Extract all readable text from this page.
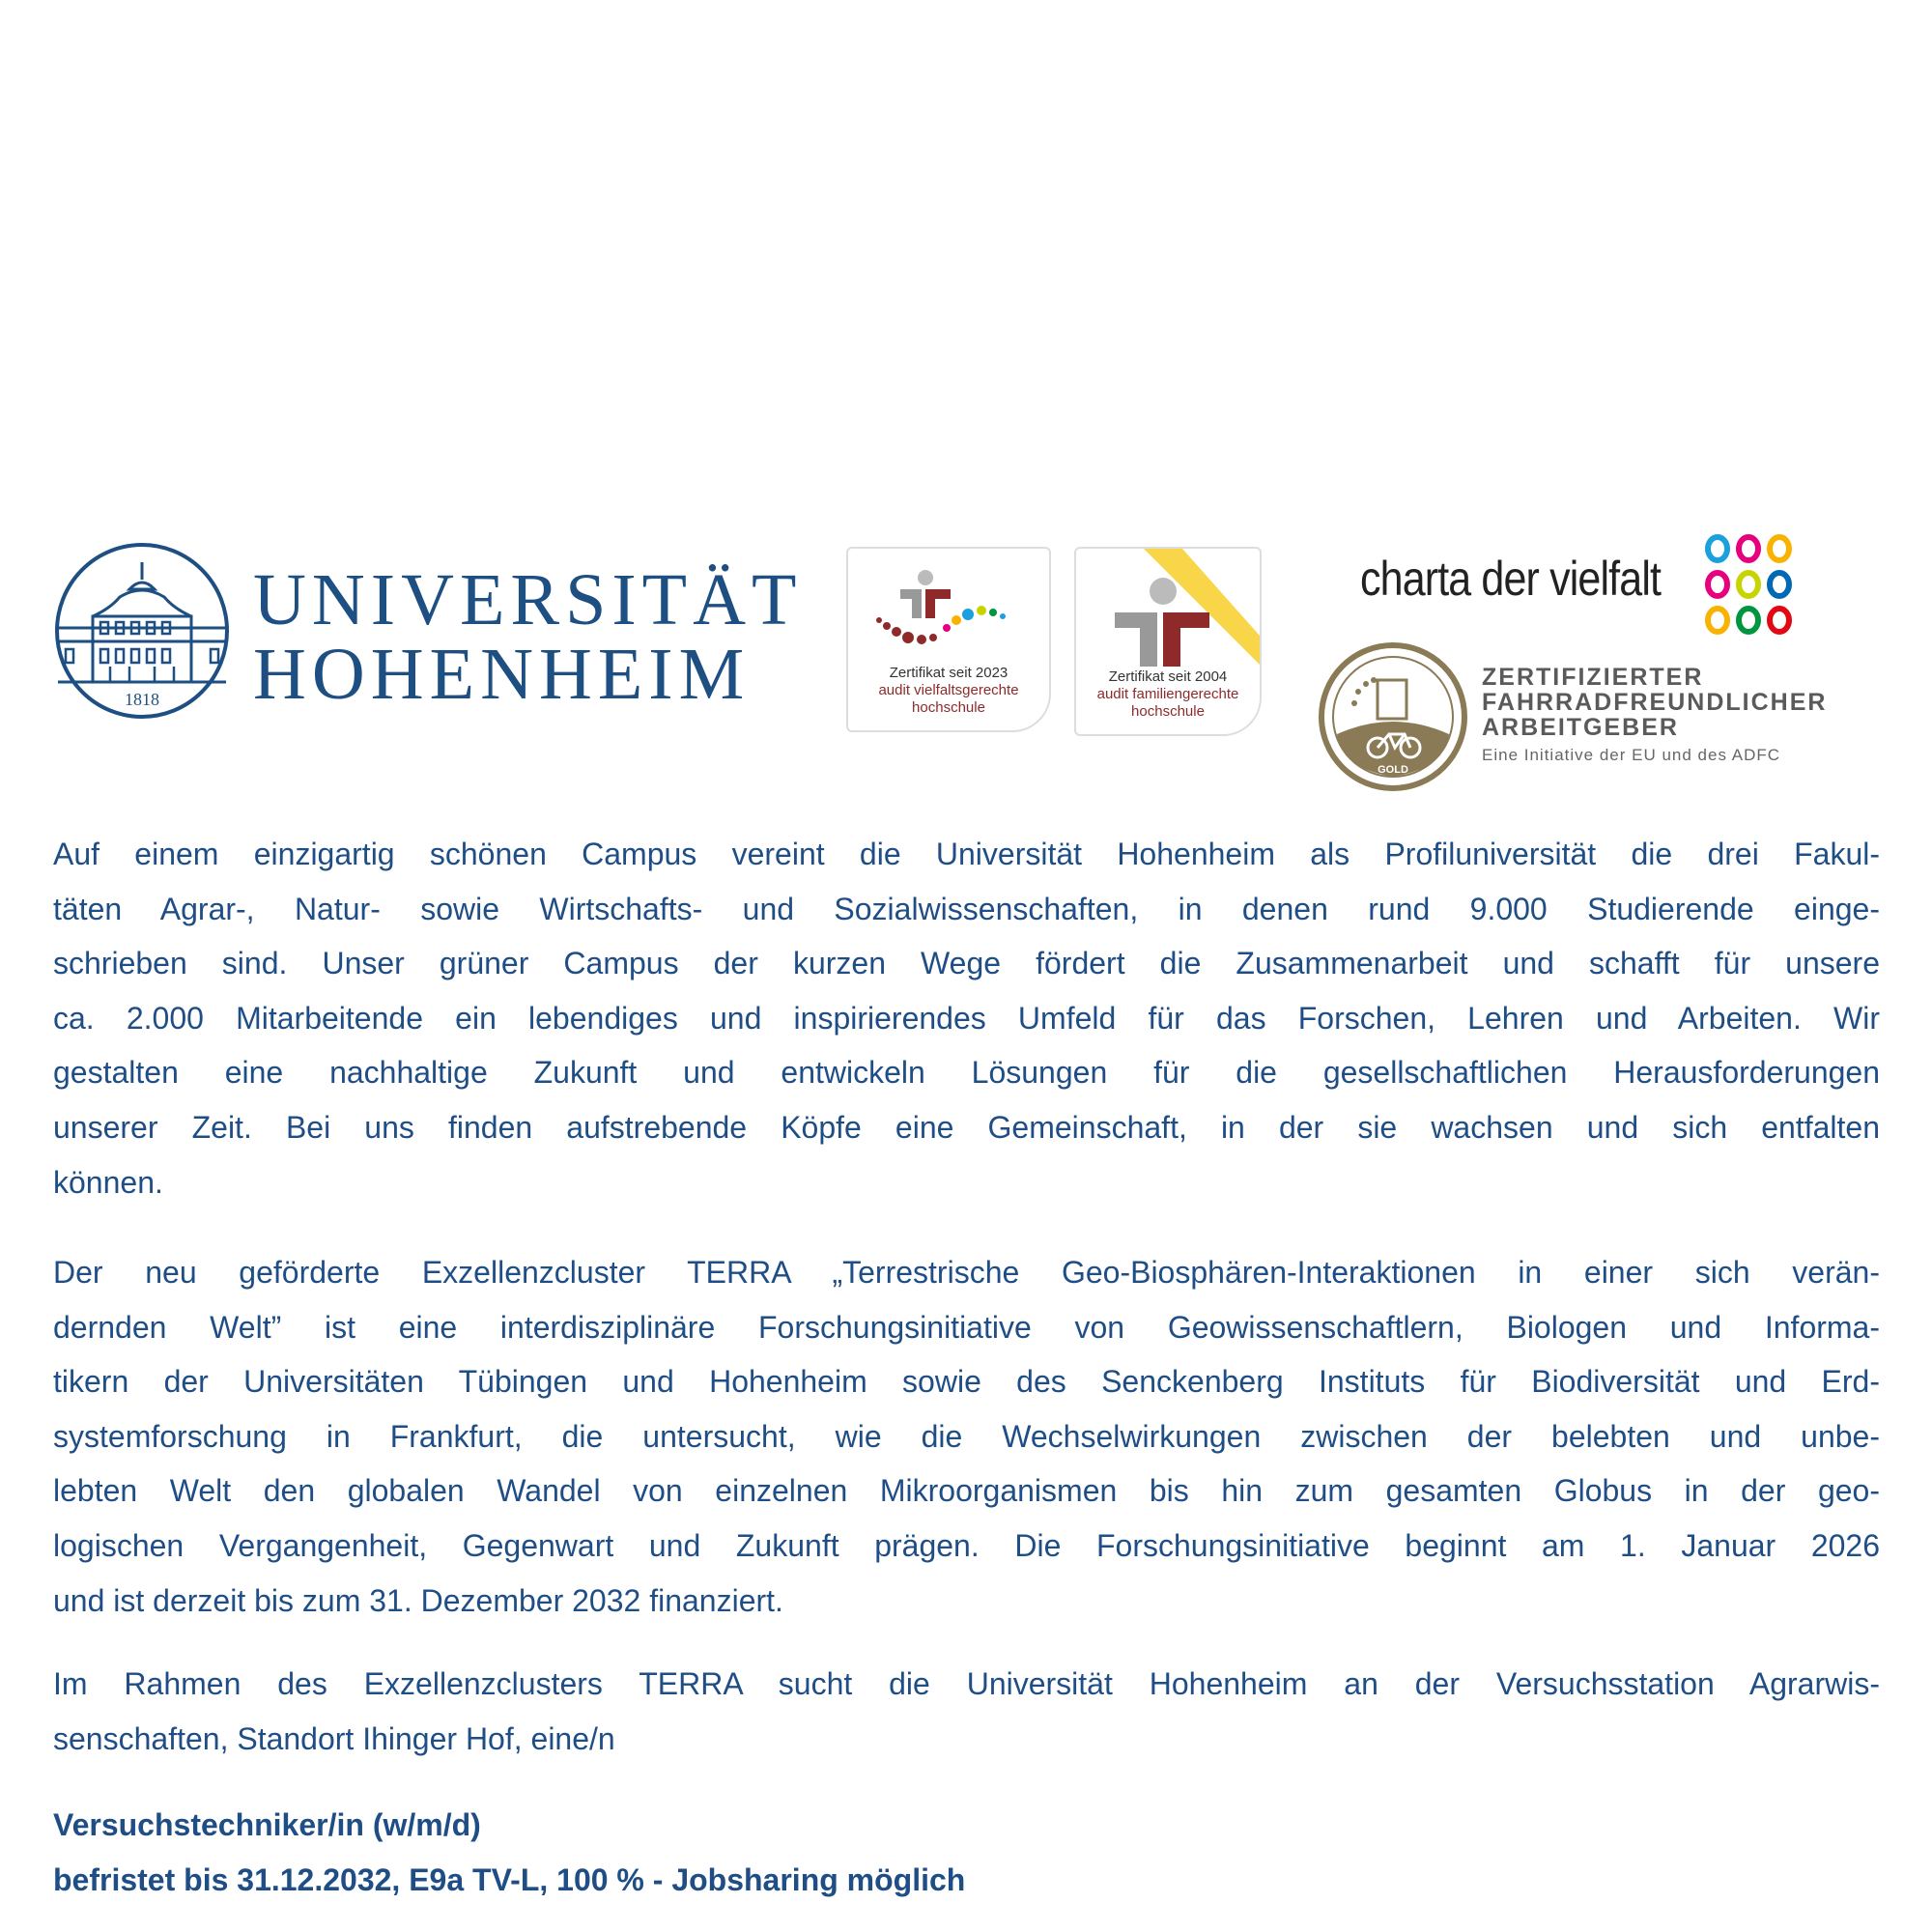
1818
UNIVERSITÄT
HOHENHEIM	Zertifikat seit 2023
audit vielfaltsgerechte
hochschule
Zertifikat seit 2004
audit familiengerechte
hochschule
charta der vielfalt
GOLD
ZERTIFIZIERTER
FAHRRADFREUNDLICHER
ARBEITGEBER
Eine Initiative der EU und des ADFC
Auf einem einzigartig schönen Campus vereint die Universität Hohenheim als Profiluniversität die drei Fakul-
täten Agrar-, Natur- sowie Wirtschafts- und Sozialwissenschaften, in denen rund 9.000 Studierende einge-
schrieben sind. Unser grüner Campus der kurzen Wege fördert die Zusammenarbeit und schafft für unsere
ca. 2.000 Mitarbeitende ein lebendiges und inspirierendes Umfeld für das Forschen, Lehren und Arbeiten. Wir
gestalten eine nachhaltige Zukunft und entwickeln Lösungen für die gesellschaftlichen Herausforderungen
unserer Zeit. Bei uns finden aufstrebende Köpfe eine Gemeinschaft, in der sie wachsen und sich entfalten
können.
Der neu geförderte Exzellenzcluster TERRA „Terrestrische Geo-Biosphären-Interaktionen in einer sich verän-
dernden Welt” ist eine interdisziplinäre Forschungsinitiative von Geowissenschaftlern, Biologen und Informa-
tikern der Universitäten Tübingen und Hohenheim sowie des Senckenberg Instituts für Biodiversität und Erd-
systemforschung in Frankfurt, die untersucht, wie die Wechselwirkungen zwischen der belebten und unbe-
lebten Welt den globalen Wandel von einzelnen Mikroorganismen bis hin zum gesamten Globus in der geo-
logischen Vergangenheit, Gegenwart und Zukunft prägen. Die Forschungsinitiative beginnt am 1. Januar 2026
und ist derzeit bis zum 31. Dezember 2032 finanziert.
Im Rahmen des Exzellenzclusters TERRA sucht die Universität Hohenheim an der Versuchsstation Agrarwis-
senschaften, Standort Ihinger Hof, eine/n
Versuchstechniker/in (w/m/d)
befristet bis 31.12.2032, E9a TV-L, 100 % - Jobsharing möglich
